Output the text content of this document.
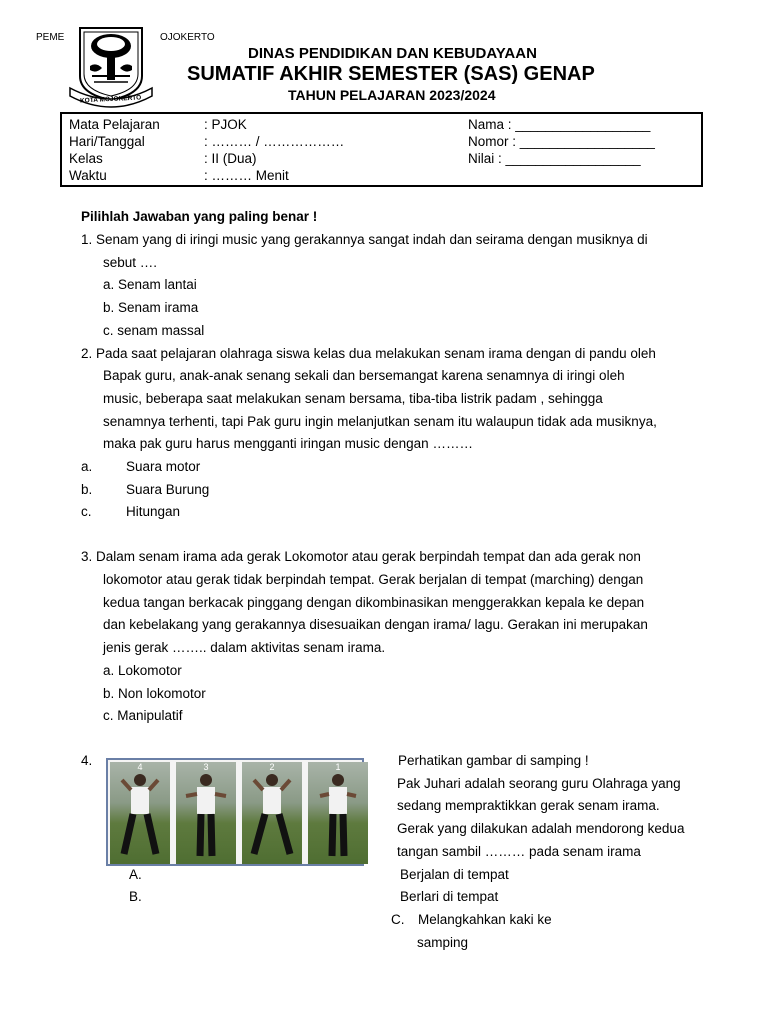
PEME	OJOKERTO
KOTA MOJOKERTO
DINAS PENDIDIKAN DAN KEBUDAYAAN
SUMATIF AKHIR SEMESTER (SAS) GENAP
TAHUN PELAJARAN 2023/2024
Mata Pelajaran	: PJOK
Hari/Tanggal	: ……… / ………………
Kelas	: II (Dua)
Waktu	: ……… Menit
Nama : __________________
Nomor : __________________
Nilai : __________________
Pilihlah Jawaban yang paling benar !
1. Senam yang di iringi music yang gerakannya sangat indah dan seirama dengan musiknya di
sebut ….
a. Senam lantai
b. Senam irama
c. senam massal
2. Pada saat pelajaran olahraga siswa kelas dua melakukan senam irama dengan di pandu oleh
Bapak guru, anak-anak senang sekali dan bersemangat karena senamnya di iringi oleh
music, beberapa saat melakukan senam bersama, tiba-tiba listrik padam , sehingga
senamnya terhenti, tapi Pak guru ingin melanjutkan senam itu walaupun tidak ada musiknya,
maka pak guru harus mengganti iringan music dengan ………
a. Suara motor
b. Suara Burung
c.	Hitungan
3. Dalam senam irama ada gerak Lokomotor atau gerak berpindah tempat dan ada gerak non
lokomotor atau gerak tidak berpindah tempat. Gerak berjalan di tempat (marching) dengan
kedua tangan berkacak pinggang dengan dikombinasikan menggerakkan kepala ke depan
dan kebelakang yang gerakannya disesuaikan dengan irama/ lagu. Gerakan ini merupakan
jenis gerak …….. dalam aktivitas senam irama.
a. Lokomotor
b. Non lokomotor
c. Manipulatif
4.	4	3	2	1	Perhatikan gambar di samping !
Pak Juhari adalah seorang guru Olahraga yang
sedang mempraktikkan gerak senam irama.
Gerak yang dilakukan adalah mendorong kedua
tangan sambil ……… pada senam irama
A.	Berjalan di tempat
B.	Berlari di tempat
C. Melangkahkan kaki ke
samping
